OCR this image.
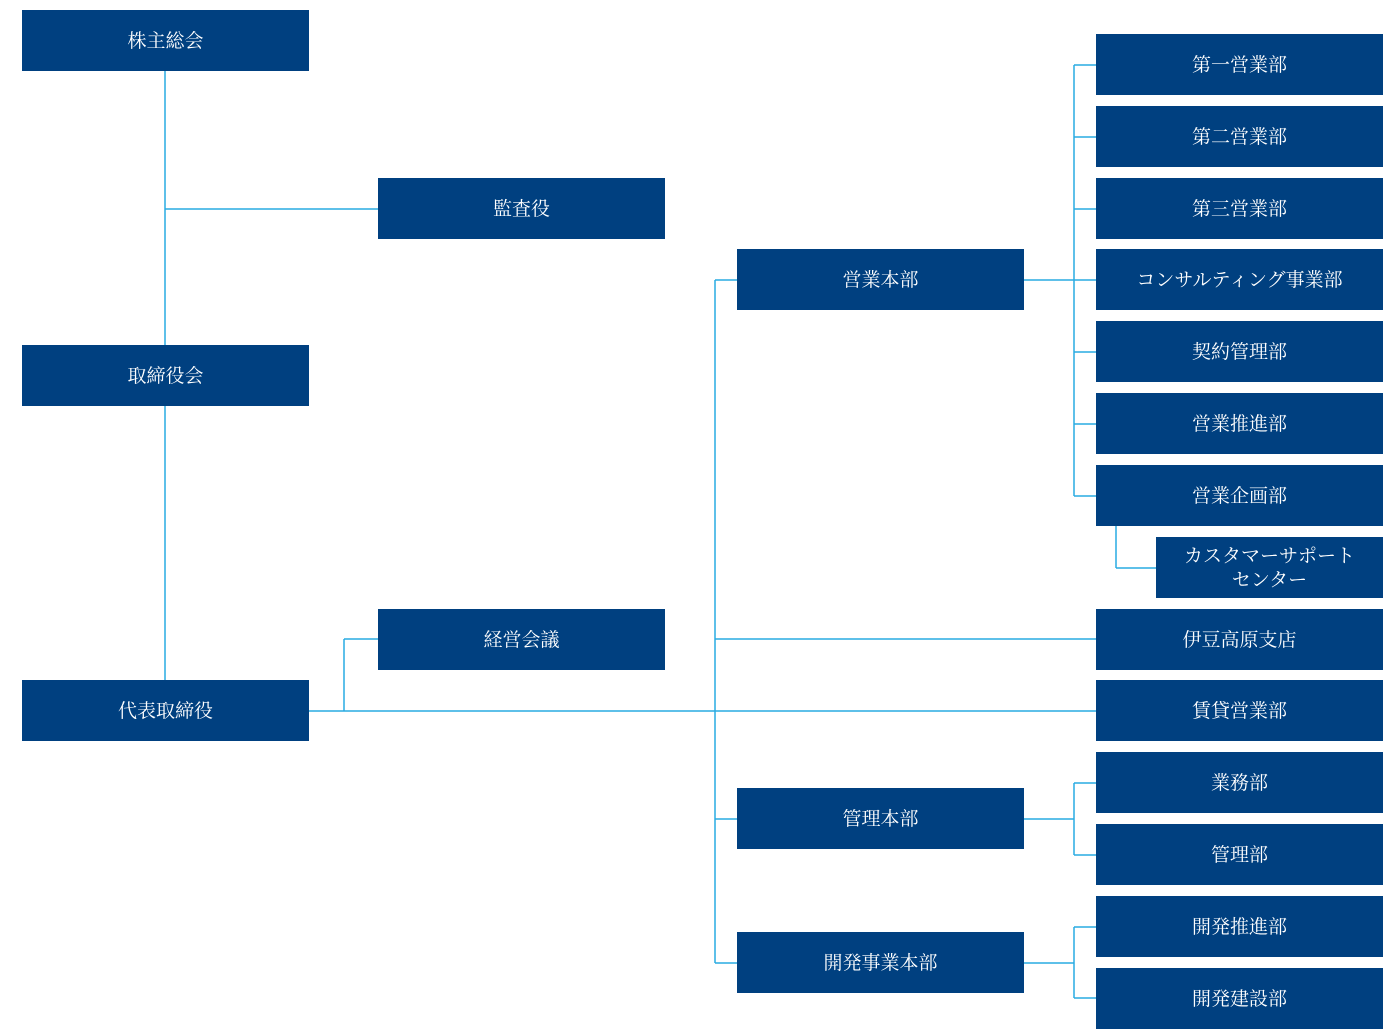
株主総会
取締役会
代表取締役
監査役
経営会議
営業本部
管理本部
開発事業本部
第一営業部
第二営業部
第三営業部
コンサルティング事業部
契約管理部
営業推進部
営業企画部
カスタマーサポート
センター
伊豆高原支店
賃貸営業部
業務部
管理部
開発推進部
開発建設部
